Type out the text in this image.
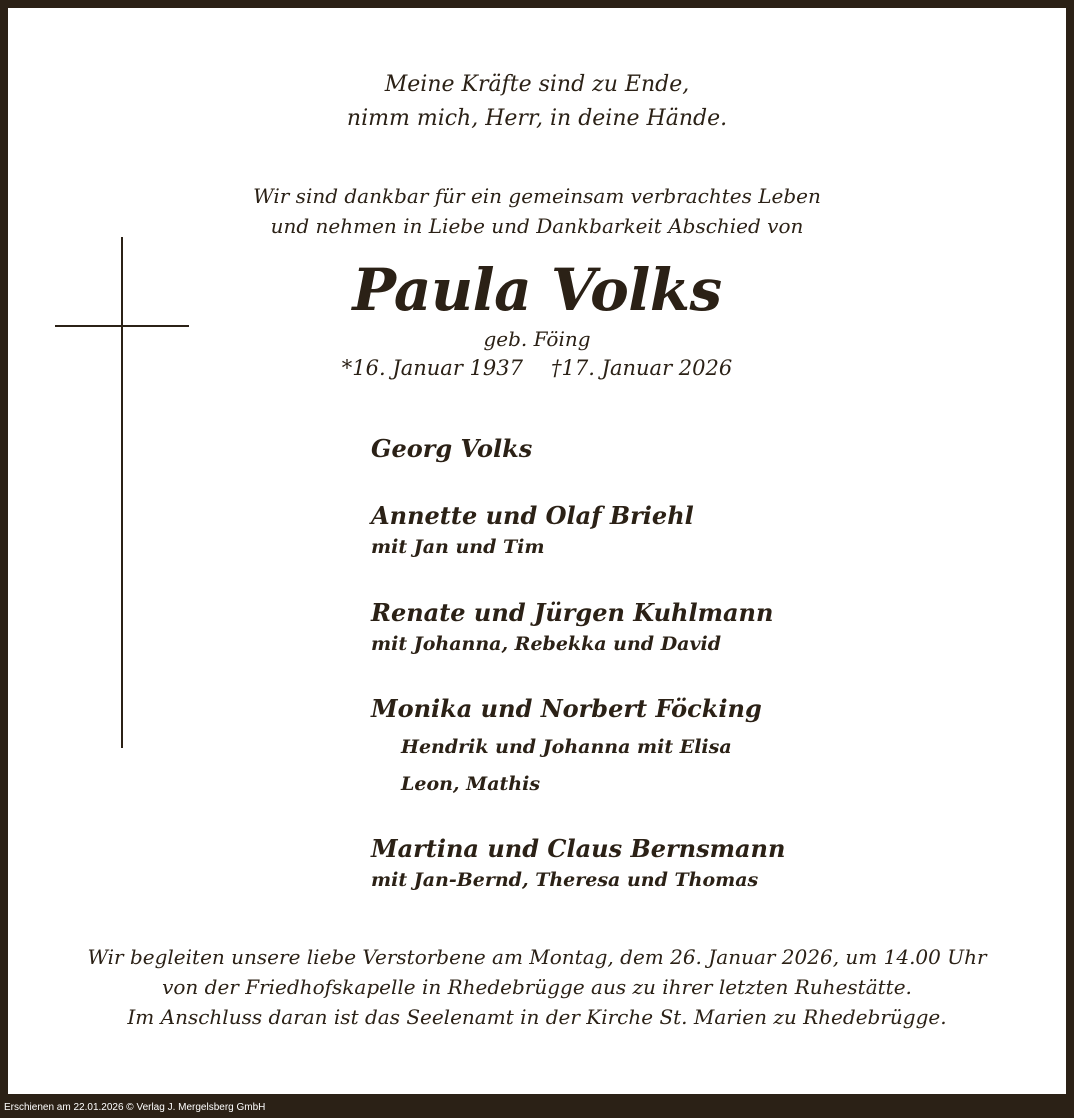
Meine Kräfte sind zu Ende,
nimm mich, Herr, in deine Hände.
Wir sind dankbar für ein gemeinsam verbrachtes Leben
und nehmen in Liebe und Dankbarkeit Abschied von
Paula Volks
geb. Föing
*16. Januar 1937 †17. Januar 2026
Georg Volks
Annette und Olaf Briehl
mit Jan und Tim
Renate und Jürgen Kuhlmann
mit Johanna, Rebekka und David
Monika und Norbert Föcking
Hendrik und Johanna mit Elisa
Leon, Mathis
Martina und Claus Bernsmann
mit Jan-Bernd, Theresa und Thomas
Wir begleiten unsere liebe Verstorbene am Montag, dem 26. Januar 2026, um 14.00 Uhr
von der Friedhofskapelle in Rhedebrügge aus zu ihrer letzten Ruhestätte.
Im Anschluss daran ist das Seelenamt in der Kirche St. Marien zu Rhedebrügge.
Erschienen am 22.01.2026 © Verlag J. Mergelsberg GmbH
